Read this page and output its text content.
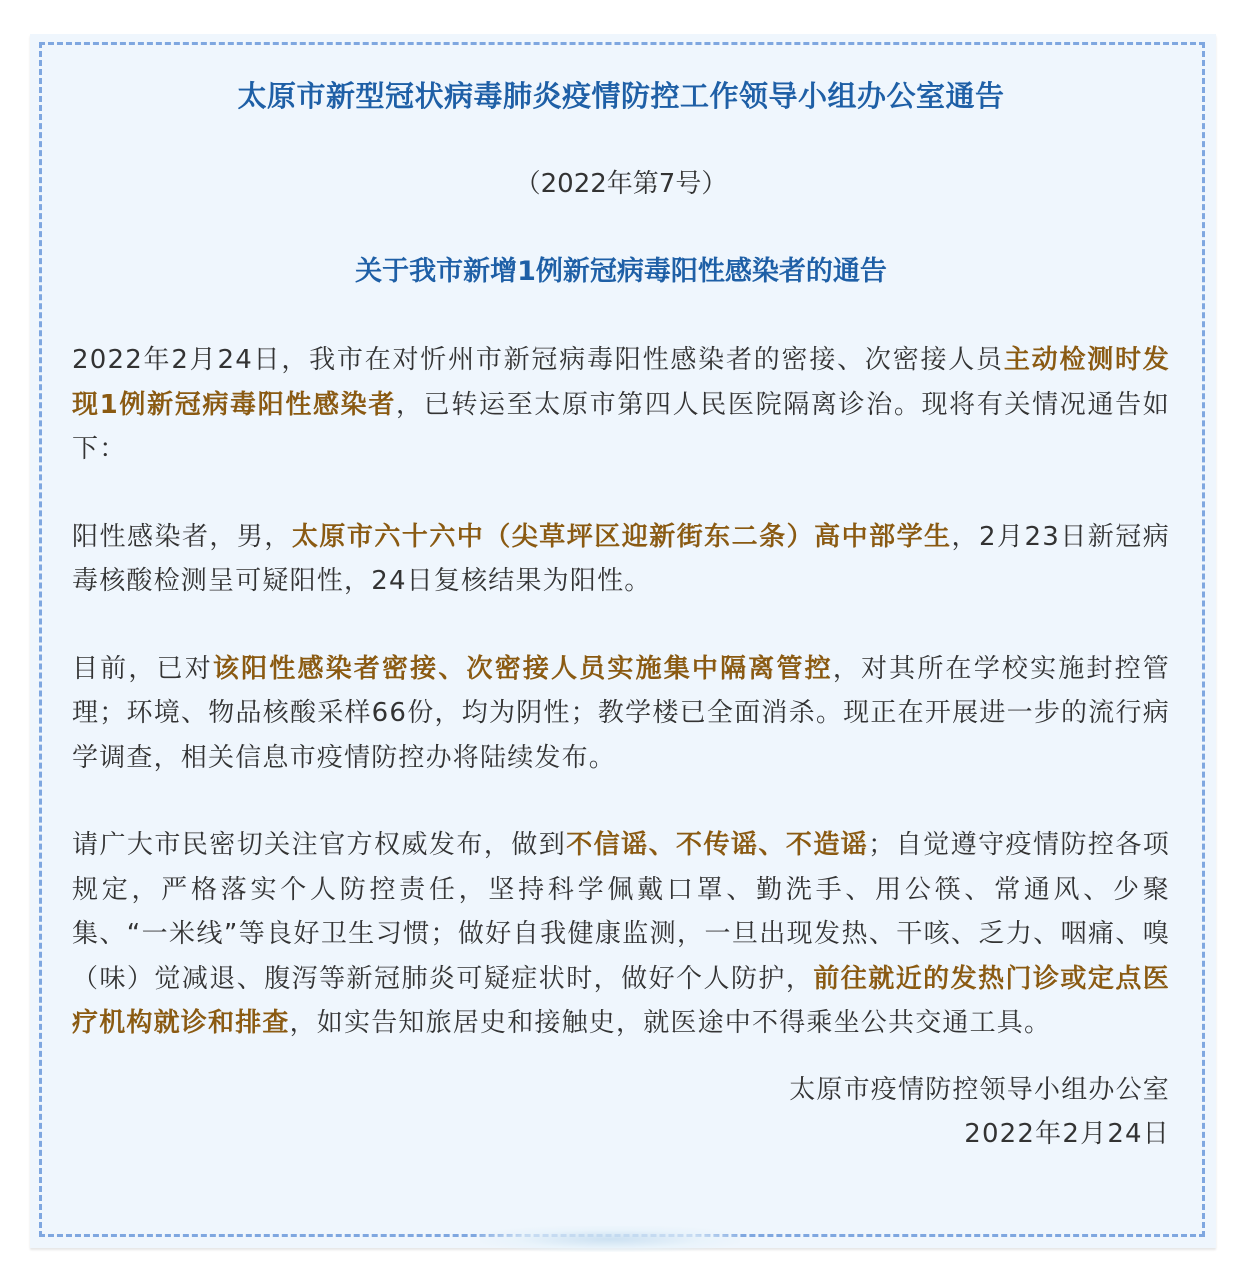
太原市新型冠状病毒肺炎疫情防控工作领导小组办公室通告
（2022年第7号）
关于我市新增1例新冠病毒阳性感染者的通告

2022年2月24日，我市在对忻州市新冠病毒阳性感染者的密接、次密接人员主动检测时发现1例新冠病毒阳性感染者，已转运至太原市第四人民医院隔离诊治。现将有关情况通告如下：

阳性感染者，男，太原市六十六中（尖草坪区迎新街东二条）高中部学生，2月23日新冠病毒核酸检测呈可疑阳性，24日复核结果为阳性。

目前，已对该阳性感染者密接、次密接人员实施集中隔离管控，对其所在学校实施封控管理；环境、物品核酸采样66份，均为阴性；教学楼已全面消杀。现正在开展进一步的流行病学调查，相关信息市疫情防控办将陆续发布。

请广大市民密切关注官方权威发布，做到不信谣、不传谣、不造谣；自觉遵守疫情防控各项规定，严格落实个人防控责任，坚持科学佩戴口罩、勤洗手、用公筷、常通风、少聚集、“一米线”等良好卫生习惯；做好自我健康监测，一旦出现发热、干咳、乏力、咽痛、嗅（味）觉减退、腹泻等新冠肺炎可疑症状时，做好个人防护，前往就近的发热门诊或定点医疗机构就诊和排查，如实告知旅居史和接触史，就医途中不得乘坐公共交通工具。

太原市疫情防控领导小组办公室
2022年2月24日
